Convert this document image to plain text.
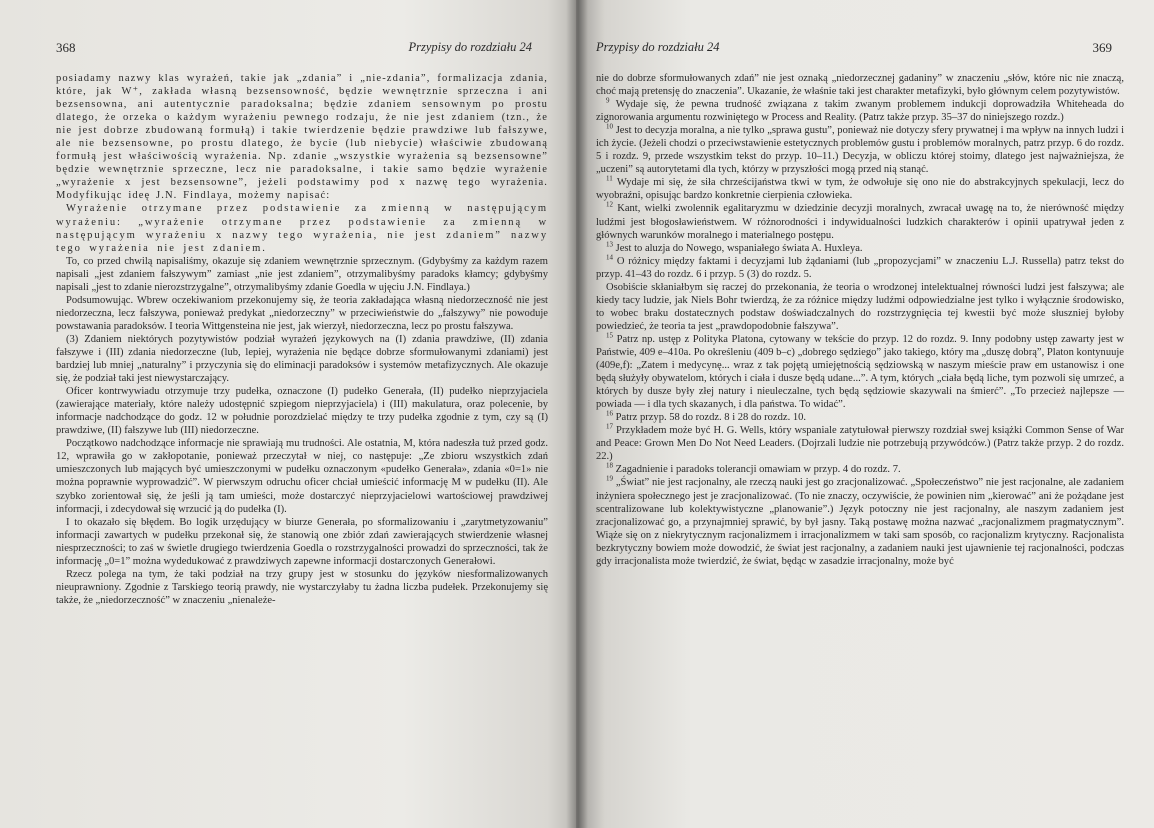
368	Przypisy do rozdziału 24

posiadamy nazwy klas wyrażeń, takie jak „zdania” i „nie-zdania”, formalizacja zdania, które, jak W⁺, zakłada własną bezsensowność, będzie wewnętrznie sprzeczna i ani bezsensowna, ani autentycznie paradoksalna; będzie zdaniem sensownym po prostu dlatego, że orzeka o każdym wyrażeniu pewnego rodzaju, że nie jest zdaniem (tzn., że nie jest dobrze zbudowaną formułą) i takie twierdzenie będzie prawdziwe lub fałszywe, ale nie bezsensowne, po prostu dlatego, że bycie (lub niebycie) właściwie zbudowaną formułą jest właściwością wyrażenia. Np. zdanie „wszystkie wyrażenia są bezsensowne” będzie wewnętrznie sprzeczne, lecz nie paradoksalne, i takie samo będzie wyrażenie „wyrażenie x jest bezsensowne”, jeżeli podstawimy pod x nazwę tego wyrażenia. Modyfikując ideę J.N. Findlaya, możemy napisać:

Wyrażenie otrzymane przez podstawienie za zmienną w następującym wyrażeniu: „wyrażenie otrzymane przez podstawienie za zmienną w następującym wyrażeniu x nazwy tego wyrażenia, nie jest zdaniem” nazwy tego wyrażenia nie jest zdaniem.

To, co przed chwilą napisaliśmy, okazuje się zdaniem wewnętrznie sprzecznym. (Gdybyśmy za każdym razem napisali „jest zdaniem fałszywym” zamiast „nie jest zdaniem”, otrzymalibyśmy paradoks kłamcy; gdybyśmy napisali „jest to zdanie nierozstrzygalne”, otrzymalibyśmy zdanie Goedla w ujęciu J.N. Findlaya.)

Podsumowując. Wbrew oczekiwaniom przekonujemy się, że teoria zakładająca własną niedorzeczność nie jest niedorzeczna, lecz fałszywa, ponieważ predykat „niedorzeczny” w przeciwieństwie do „fałszywy” nie powoduje powstawania paradoksów. I teoria Wittgensteina nie jest, jak wierzył, niedorzeczna, lecz po prostu fałszywa.

(3) Zdaniem niektórych pozytywistów podział wyrażeń językowych na (I) zdania prawdziwe, (II) zdania fałszywe i (III) zdania niedorzeczne (lub, lepiej, wyrażenia nie będące dobrze sformułowanymi zdaniami) jest bardziej lub mniej „naturalny” i przyczynia się do eliminacji paradoksów i systemów metafizycznych. Ale okazuje się, że podział taki jest niewystarczający.

Oficer kontrwywiadu otrzymuje trzy pudełka, oznaczone (I) pudełko Generała, (II) pudełko nieprzyjaciela (zawierające materiały, które należy udostępnić szpiegom nieprzyjaciela) i (III) makulatura, oraz polecenie, by informacje nadchodzące do godz. 12 w południe porozdzielać między te trzy pudełka zgodnie z tym, czy są (I) prawdziwe, (II) fałszywe lub (III) niedorzeczne.

Początkowo nadchodzące informacje nie sprawiają mu trudności. Ale ostatnia, M, która nadeszła tuż przed godz. 12, wprawiła go w zakłopotanie, ponieważ przeczytał w niej, co następuje: „Ze zbioru wszystkich zdań umieszczonych lub mających być umieszczonymi w pudełku oznaczonym «pudełko Generała», zdania «0=1» nie można poprawnie wyprowadzić”. W pierwszym odruchu oficer chciał umieścić informację M w pudełku (II). Ale szybko zorientował się, że jeśli ją tam umieści, może dostarczyć nieprzyjacielowi wartościowej prawdziwej informacji, i zdecydował się wrzucić ją do pudełka (I).

I to okazało się błędem. Bo logik urzędujący w biurze Generała, po sformalizowaniu i „zarytmetyzowaniu” informacji zawartych w pudełku przekonał się, że stanowią one zbiór zdań zawierających stwierdzenie własnej niesprzeczności; to zaś w świetle drugiego twierdzenia Goedla o rozstrzygalności prowadzi do sprzeczności, tak że informację „0=1” można wydedukować z prawdziwych zapewne informacji dostarczonych Generałowi.

Rzecz polega na tym, że taki podział na trzy grupy jest w stosunku do języków niesformalizowanych nieuprawniony. Zgodnie z Tarskiego teorią prawdy, nie wystarczyłaby tu żadna liczba pudełek. Przekonujemy się także, że „niedorzeczność” w znaczeniu „nienależe-

Przypisy do rozdziału 24	369

nie do dobrze sformułowanych zdań” nie jest oznaką „niedorzecznej gadaniny” w znaczeniu „słów, które nic nie znaczą, choć mają pretensję do znaczenia”. Ukazanie, że właśnie taki jest charakter metafizyki, było głównym celem pozytywistów.

$^9$ Wydaje się, że pewna trudność związana z takim zwanym problemem indukcji doprowadziła Whiteheada do zignorowania argumentu rozwiniętego w Process and Reality. (Patrz także przyp. 35–37 do niniejszego rozdz.)

$^{10}$ Jest to decyzja moralna, a nie tylko „sprawa gustu”, ponieważ nie dotyczy sfery prywatnej i ma wpływ na innych ludzi i ich życie. (Jeżeli chodzi o przeciwstawienie estetycznych problemów gustu i problemów moralnych, patrz przyp. 6 do rozdz. 5 i rozdz. 9, przede wszystkim tekst do przyp. 10–11.) Decyzja, w obliczu której stoimy, dlatego jest najważniejsza, że „uczeni” są autorytetami dla tych, którzy w przyszłości mogą przed nią stanąć.

$^{11}$ Wydaje mi się, że siła chrześcijaństwa tkwi w tym, że odwołuje się ono nie do abstrakcyjnych spekulacji, lecz do wyobraźni, opisując bardzo konkretnie cierpienia człowieka.

$^{12}$ Kant, wielki zwolennik egalitaryzmu w dziedzinie decyzji moralnych, zwracał uwagę na to, że nierówność między ludźmi jest błogosławieństwem. W różnorodności i indywidualności ludzkich charakterów i opinii upatrywał jeden z głównych warunków moralnego i materialnego postępu.

$^{13}$ Jest to aluzja do Nowego, wspaniałego świata A. Huxleya.

$^{14}$ O różnicy między faktami i decyzjami lub żądaniami (lub „propozycjami” w znaczeniu L.J. Russella) patrz tekst do przyp. 41–43 do rozdz. 6 i przyp. 5 (3) do rozdz. 5.

Osobiście skłaniałbym się raczej do przekonania, że teoria o wrodzonej intelektualnej równości ludzi jest fałszywa; ale kiedy tacy ludzie, jak Niels Bohr twierdzą, że za różnice między ludźmi odpowiedzialne jest tylko i wyłącznie środowisko, to wobec braku dostatecznych podstaw doświadczalnych do rozstrzygnięcia tej kwestii być może słuszniej byłoby powiedzieć, że teoria ta jest „prawdopodobnie fałszywa”.

$^{15}$ Patrz np. ustęp z Polityka Platona, cytowany w tekście do przyp. 12 do rozdz. 9. Inny podobny ustęp zawarty jest w Państwie, 409 e–410a. Po określeniu (409 b–c) „dobrego sędziego” jako takiego, który ma „duszę dobrą”, Platon kontynuuje (409e,f): „Zatem i medycynę... wraz z tak pojętą umiejętnością sędziowską w naszym mieście praw em ustanowisz i one będą służyły obywatelom, których i ciała i dusze będą udane...”. A tym, których „ciała będą liche, tym pozwoli się umrzeć, a których by dusze były złej natury i nieuleczalne, tych będą sędziowie skazywali na śmierć”. „To przecież najlepsze — powiada — i dla tych skazanych, i dla państwa. To widać”.

$^{16}$ Patrz przyp. 58 do rozdz. 8 i 28 do rozdz. 10.

$^{17}$ Przykładem może być H. G. Wells, który wspaniale zatytułował pierwszy rozdział swej książki Common Sense of War and Peace: Grown Men Do Not Need Leaders. (Dojrzali ludzie nie potrzebują przywódców.) (Patrz także przyp. 2 do rozdz. 22.)

$^{18}$ Zagadnienie i paradoks tolerancji omawiam w przyp. 4 do rozdz. 7.

$^{19}$ „Świat” nie jest racjonalny, ale rzeczą nauki jest go zracjonalizować. „Społeczeństwo” nie jest racjonalne, ale zadaniem inżyniera społecznego jest je zracjonalizować. (To nie znaczy, oczywiście, że powinien nim „kierować” ani że pożądane jest scentralizowane lub kolektywistyczne „planowanie”.) Język potoczny nie jest racjonalny, ale naszym zadaniem jest zracjonalizować go, a przynajmniej sprawić, by był jasny. Taką postawę można nazwać „racjonalizmem pragmatycznym”. Wiąże się on z niekrytycznym racjonalizmem i irracjonalizmem w taki sam sposób, co racjonalizm krytyczny. Racjonalista bezkrytyczny bowiem może dowodzić, że świat jest racjonalny, a zadaniem nauki jest ujawnienie tej racjonalności, podczas gdy irracjonalista może twierdzić, że świat, będąc w zasadzie irracjonalny, może być
